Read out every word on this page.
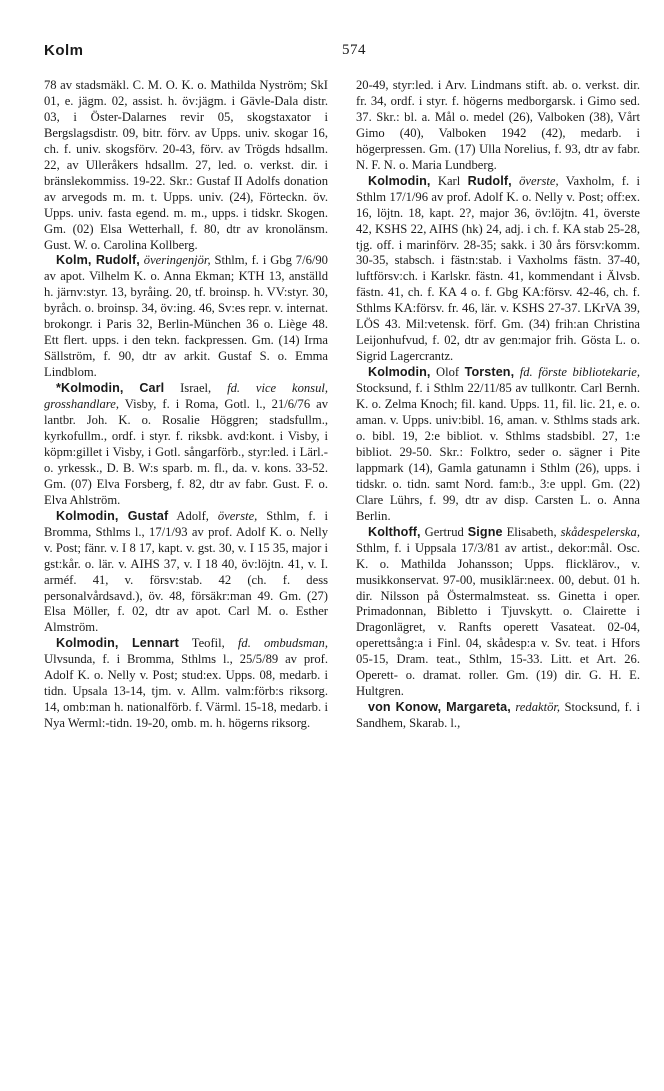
Kolm	574

78 av stadsmäkl. C. M. O. K. o. Mathilda Nyström; SkI 01, e. jägm. 02, assist. h. öv:jägm. i Gävle-Dala distr. 03, i Öster-Dalarnes revir 05, skogstaxator i Bergslagsdistr. 09, bitr. förv. av Upps. univ. skogar 16, ch. f. univ. skogsförv. 20-43, förv. av Trögds hdsallm. 22, av Ulleråkers hdsallm. 27, led. o. verkst. dir. i bränslekommiss. 19-22. Skr.: Gustaf II Adolfs donation av arvegods m. m. t. Upps. univ. (24), Förteckn. öv. Upps. univ. fasta egend. m. m., upps. i tidskr. Skogen. Gm. (02) Elsa Wetterhall, f. 80, dtr av kronolänsm. Gust. W. o. Carolina Kollberg.

Kolm, Rudolf, överingenjör, Sthlm, f. i Gbg 7/6/90 av apot. Vilhelm K. o. Anna Ekman; KTH 13, anställd h. järnv:styr. 13, byråing. 20, tf. broinsp. h. VV:styr. 30, byråch. o. broinsp. 34, öv:ing. 46, Sv:es repr. v. internat. brokongr. i Paris 32, Berlin-München 36 o. Liège 48. Ett flert. upps. i den tekn. fackpressen. Gm. (14) Irma Sällström, f. 90, dtr av arkit. Gustaf S. o. Emma Lindblom.

*Kolmodin, Carl Israel, fd. vice konsul, grosshandlare, Visby, f. i Roma, Gotl. l., 21/6/76 av lantbr. Joh. K. o. Rosalie Höggren; stadsfullm., kyrkofullm., ordf. i styr. f. riksbk. avd:kont. i Visby, i köpm:gillet i Visby, i Gotl. sångarförb., styr:led. i Lärl.- o. yrkessk., D. B. W:s sparb. m. fl., da. v. kons. 33-52. Gm. (07) Elva Forsberg, f. 82, dtr av fabr. Gust. F. o. Elva Ahlström.

Kolmodin, Gustaf Adolf, överste, Sthlm, f. i Bromma, Sthlms l., 17/1/93 av prof. Adolf K. o. Nelly v. Post; fänr. v. I 8 17, kapt. v. gst. 30, v. I 15 35, major i gst:kår. o. lär. v. AIHS 37, v. I 18 40, öv:löjtn. 41, v. I. arméf. 41, v. försv:stab. 42 (ch. f. dess personalvårdsavd.), öv. 48, försäkr:man 49. Gm. (27) Elsa Möller, f. 02, dtr av apot. Carl M. o. Esther Almström.

Kolmodin, Lennart Teofil, fd. ombudsman, Ulvsunda, f. i Bromma, Sthlms l., 25/5/89 av prof. Adolf K. o. Nelly v. Post; stud:ex. Upps. 08, medarb. i tidn. Upsala 13-14, tjm. v. Allm. valm:förb:s riksorg. 14, omb:man h. nationalförb. f. Värml. 15-18, medarb. i Nya Werml:-tidn. 19-20, omb. m. h. högerns riksorg.

20-49, styr:led. i Arv. Lindmans stift. ab. o. verkst. dir. fr. 34, ordf. i styr. f. högerns medborgarsk. i Gimo sed. 37. Skr.: bl. a. Mål o. medel (26), Valboken (38), Vårt Gimo (40), Valboken 1942 (42), medarb. i högerpressen. Gm. (17) Ulla Norelius, f. 93, dtr av fabr. N. F. N. o. Maria Lundberg.

Kolmodin, Karl Rudolf, överste, Vaxholm, f. i Sthlm 17/1/96 av prof. Adolf K. o. Nelly v. Post; off:ex. 16, löjtn. 18, kapt. 2?, major 36, öv:löjtn. 41, överste 42, KSHS 22, AIHS (hk) 24, adj. i ch. f. KA stab 25-28, tjg. off. i marinförv. 28-35; sakk. i 30 års försv:komm. 30-35, stabsch. i fästn:stab. i Vaxholms fästn. 37-40, luftförsv:ch. i Karlskr. fästn. 41, kommendant i Älvsb. fästn. 41, ch. f. KA 4 o. f. Gbg KA:försv. 42-46, ch. f. Sthlms KA:försv. fr. 46, lär. v. KSHS 27-37. LKrVA 39, LÖS 43. Mil:vetensk. förf. Gm. (34) frih:an Christina Leijonhufvud, f. 02, dtr av gen:major frih. Gösta L. o. Sigrid Lagercrantz.

Kolmodin, Olof Torsten, fd. förste bibliotekarie, Stocksund, f. i Sthlm 22/11/85 av tullkontr. Carl Bernh. K. o. Zelma Knoch; fil. kand. Upps. 11, fil. lic. 21, e. o. aman. v. Upps. univ:bibl. 16, aman. v. Sthlms stads ark. o. bibl. 19, 2:e bibliot. v. Sthlms stadsbibl. 27, 1:e bibliot. 29-50. Skr.: Folktro, seder o. sägner i Pite lappmark (14), Gamla gatunamn i Sthlm (26), upps. i tidskr. o. tidn. samt Nord. fam:b., 3:e uppl. Gm. (22) Clare Lührs, f. 99, dtr av disp. Carsten L. o. Anna Berlin.

Kolthoff, Gertrud Signe Elisabeth, skådespelerska, Sthlm, f. i Uppsala 17/3/81 av artist., dekor:mål. Osc. K. o. Mathilda Johansson; Upps. flicklärov., v. musikkonservat. 97-00, musiklär:neex. 00, debut. 01 h. dir. Nilsson på Östermalmsteat. ss. Ginetta i oper. Primadonnan, Bibletto i Tjuvskytt. o. Clairette i Dragonlägret, v. Ranfts operett Vasateat. 02-04, operettsång:a i Finl. 04, skådesp:a v. Sv. teat. i Hfors 05-15, Dram. teat., Sthlm, 15-33. Litt. et Art. 26. Operett- o. dramat. roller. Gm. (19) dir. G. H. E. Hultgren.

von Konow, Margareta, redaktör, Stocksund, f. i Sandhem, Skarab. l.,
